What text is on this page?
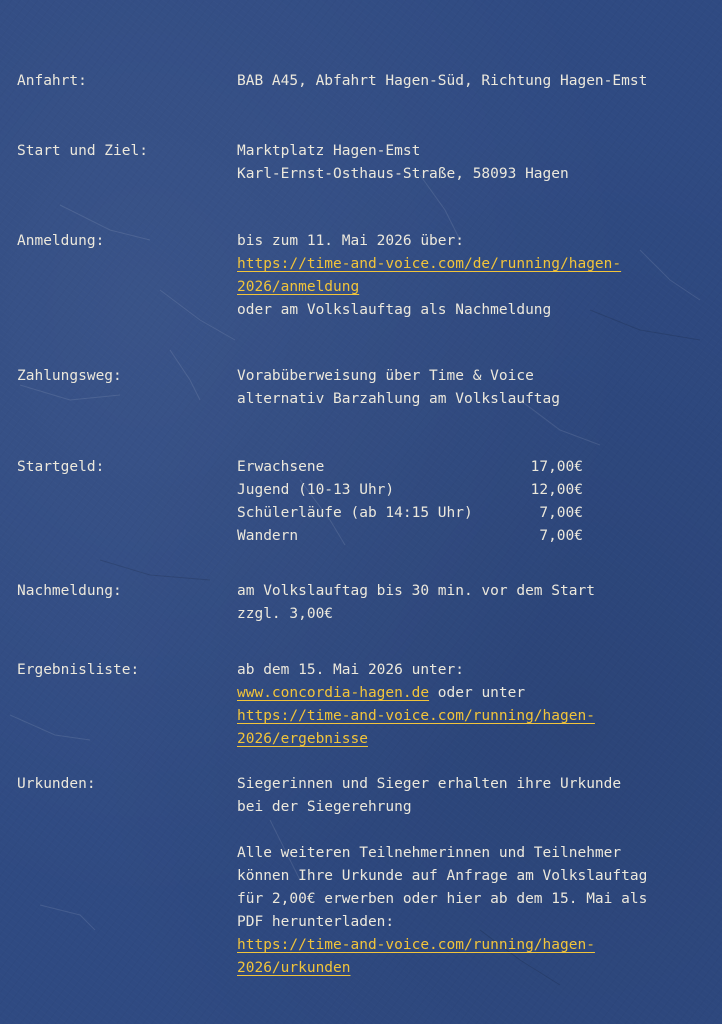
Anfahrt:	BAB A45, Abfahrt Hagen-Süd, Richtung Hagen-Emst
Start und Ziel:	Marktplatz Hagen-Emst
Karl-Ernst-Osthaus-Straße, 58093 Hagen
Anmeldung:	bis zum 11. Mai 2026 über:
https://time-and-voice.com/de/running/hagen-
2026/anmeldung
oder am Volkslauftag als Nachmeldung
Zahlungsweg:	Vorabüberweisung über Time & Voice
alternativ Barzahlung am Volkslauftag
Startgeld:	Erwachsene	17,00€
Jugend (10-13 Uhr)	12,00€
Schülerläufe (ab 14:15 Uhr)	7,00€
Wandern	7,00€
Nachmeldung:	am Volkslauftag bis 30 min. vor dem Start
zzgl. 3,00€
Ergebnisliste:	ab dem 15. Mai 2026 unter:
www.concordia-hagen.de oder unter
https://time-and-voice.com/running/hagen-
2026/ergebnisse
Urkunden:	Siegerinnen und Sieger erhalten ihre Urkunde
bei der Siegerehrung
Alle weiteren Teilnehmerinnen und Teilnehmer
können Ihre Urkunde auf Anfrage am Volkslauftag
für 2,00€ erwerben oder hier ab dem 15. Mai als
PDF herunterladen:
https://time-and-voice.com/running/hagen-
2026/urkunden
